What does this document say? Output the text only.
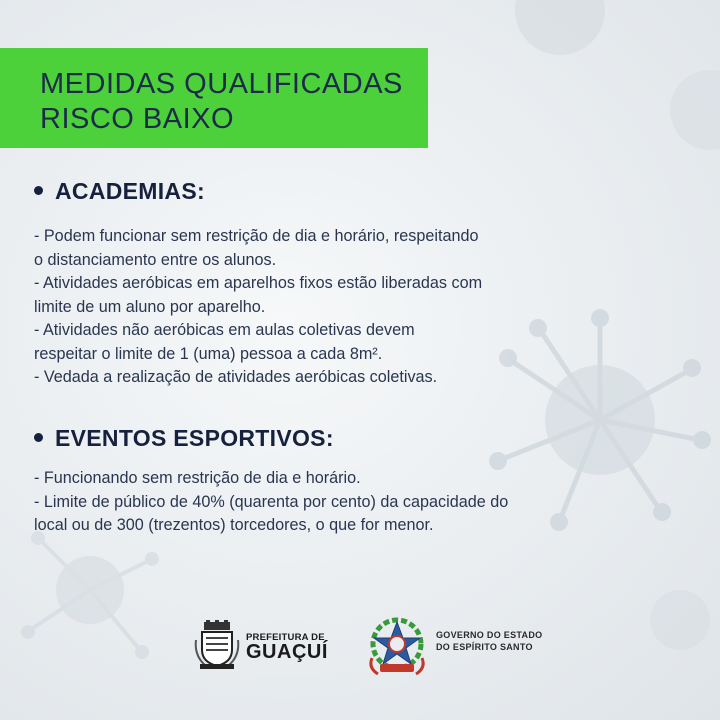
MEDIDAS QUALIFICADAS
RISCO BAIXO
ACADEMIAS:
- Podem funcionar sem restrição de dia e horário, respeitando
o distanciamento entre os alunos.
- Atividades aeróbicas em aparelhos fixos estão liberadas com
limite de um aluno por aparelho.
- Atividades não aeróbicas em aulas coletivas devem
respeitar o limite de 1 (uma) pessoa a cada 8m².
- Vedada a realização de atividades aeróbicas coletivas.
EVENTOS ESPORTIVOS:
- Funcionando sem restrição de dia e horário.
- Limite de público de 40% (quarenta por cento) da capacidade do
local ou de 300 (trezentos) torcedores, o que for menor.
PREFEITURA DE
GUAÇUÍ
GOVERNO DO ESTADO
DO ESPÍRITO SANTO
